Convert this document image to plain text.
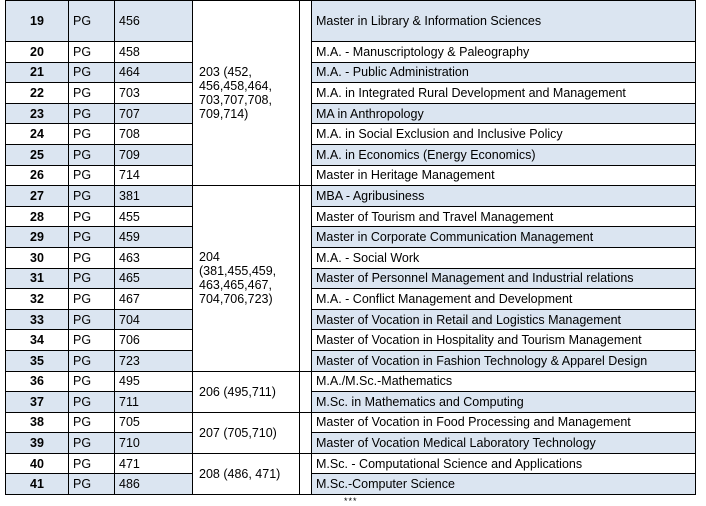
19	PG	456	203 (452, 456,458,464, 703,707,708, 709,714)		Master in Library & Information Sciences
20	PG	458			M.A. - Manuscriptology & Paleography
21	PG	464			M.A. - Public Administration
22	PG	703			M.A. in Integrated Rural Development and Management
23	PG	707			MA in Anthropology
24	PG	708			M.A. in Social Exclusion and Inclusive Policy
25	PG	709			M.A. in Economics (Energy Economics)
26	PG	714			Master in Heritage Management
27	PG	381	204 (381,455,459, 463,465,467, 704,706,723)		MBA - Agribusiness
28	PG	455			Master of Tourism and Travel Management
29	PG	459			Master in Corporate Communication Management
30	PG	463			M.A. - Social Work
31	PG	465			Master of Personnel Management and Industrial relations
32	PG	467			M.A. - Conflict Management and Development
33	PG	704			Master of Vocation in Retail and Logistics Management
34	PG	706			Master of Vocation in Hospitality and Tourism Management
35	PG	723			Master of Vocation in Fashion Technology & Apparel Design
36	PG	495	206 (495,711)		M.A./M.Sc.-Mathematics
37	PG	711			M.Sc. in Mathematics and Computing
38	PG	705	207 (705,710)		Master of Vocation in Food Processing and Management
39	PG	710			Master of Vocation Medical Laboratory Technology
40	PG	471	208 (486, 471)		M.Sc. - Computational Science and Applications
41	PG	486			M.Sc.-Computer Science
***
